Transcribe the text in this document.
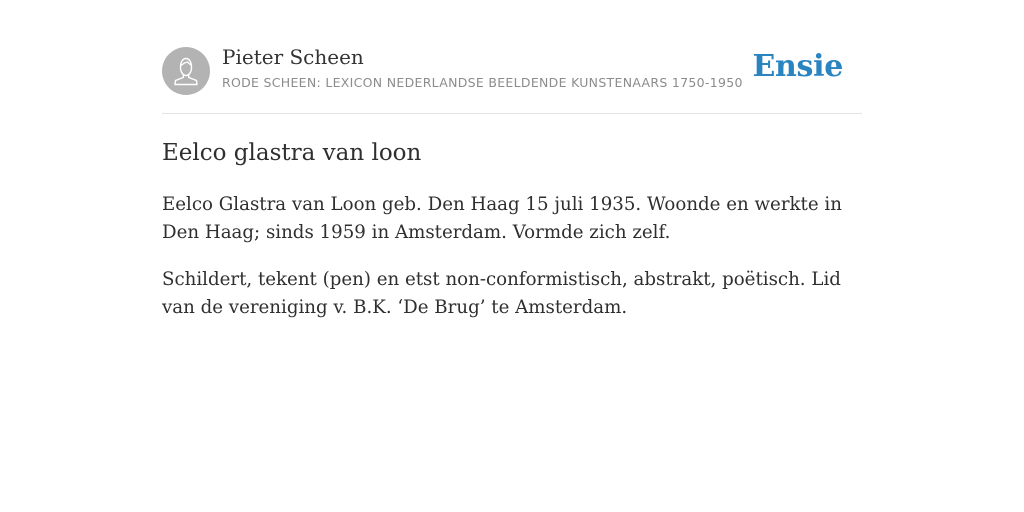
Pieter Scheen
RODE SCHEEN: LEXICON NEDERLANDSE BEELDENDE KUNSTENAARS 1750-1950 Ensie
Eelco glastra van loon

Eelco Glastra van Loon geb. Den Haag 15 juli 1935. Woonde en werkte in Den Haag; sinds 1959 in Amsterdam. Vormde zich zelf.

Schildert, tekent (pen) en etst non-conformistisch, abstrakt, poëtisch. Lid van de vereniging v. B.K. ‘De Brug’ te Amsterdam.
